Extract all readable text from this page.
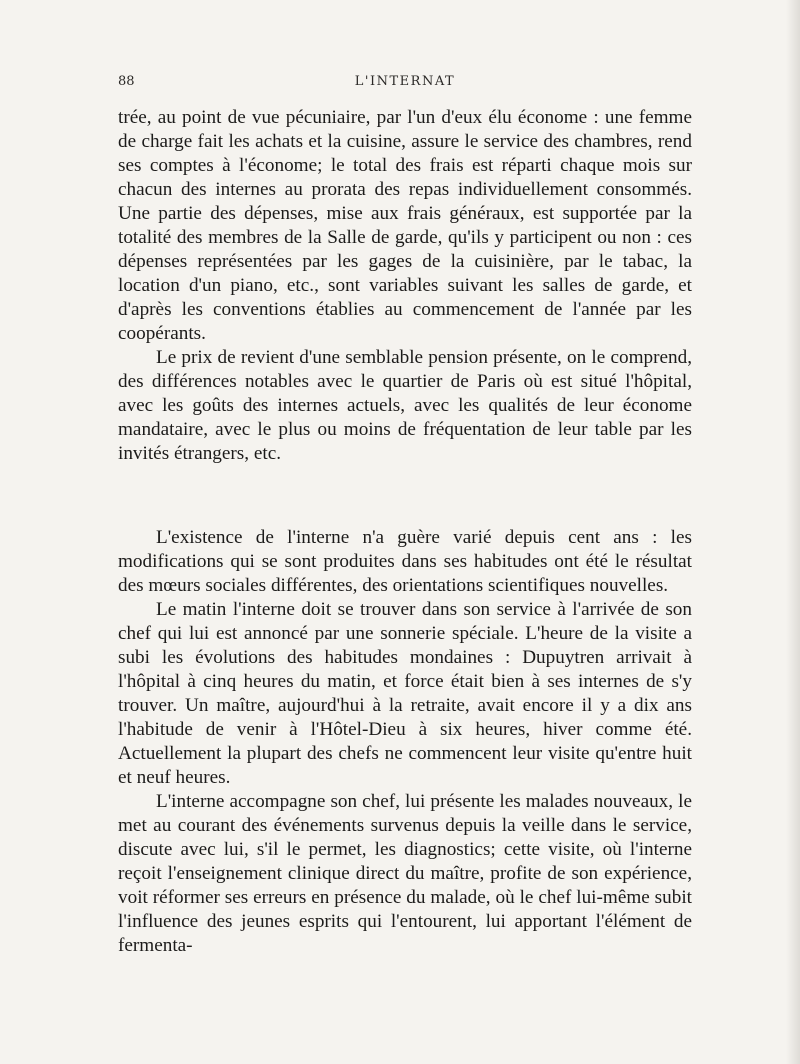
88	L'INTERNAT

trée, au point de vue pécuniaire, par l'un d'eux élu économe : une femme de charge fait les achats et la cuisine, assure le service des chambres, rend ses comptes à l'économe; le total des frais est réparti chaque mois sur chacun des internes au prorata des repas individuellement consommés. Une partie des dépenses, mise aux frais généraux, est supportée par la totalité des membres de la Salle de garde, qu'ils y participent ou non : ces dépenses représentées par les gages de la cuisinière, par le tabac, la location d'un piano, etc., sont variables suivant les salles de garde, et d'après les conventions établies au commencement de l'année par les coopérants.

Le prix de revient d'une semblable pension présente, on le comprend, des différences notables avec le quartier de Paris où est situé l'hôpital, avec les goûts des internes actuels, avec les qualités de leur économe mandataire, avec le plus ou moins de fréquentation de leur table par les invités étrangers, etc.

L'existence de l'interne n'a guère varié depuis cent ans : les modifications qui se sont produites dans ses habitudes ont été le résultat des mœurs sociales différentes, des orientations scientifiques nouvelles.

Le matin l'interne doit se trouver dans son service à l'arrivée de son chef qui lui est annoncé par une sonnerie spéciale. L'heure de la visite a subi les évolutions des habitudes mondaines : Dupuytren arrivait à l'hôpital à cinq heures du matin, et force était bien à ses internes de s'y trouver. Un maître, aujourd'hui à la retraite, avait encore il y a dix ans l'habitude de venir à l'Hôtel-Dieu à six heures, hiver comme été. Actuellement la plupart des chefs ne commencent leur visite qu'entre huit et neuf heures.

L'interne accompagne son chef, lui présente les malades nouveaux, le met au courant des événements survenus depuis la veille dans le service, discute avec lui, s'il le permet, les diagnostics; cette visite, où l'interne reçoit l'enseignement clinique direct du maître, profite de son expérience, voit réformer ses erreurs en présence du malade, où le chef lui-même subit l'influence des jeunes esprits qui l'entourent, lui apportant l'élément de fermenta-
